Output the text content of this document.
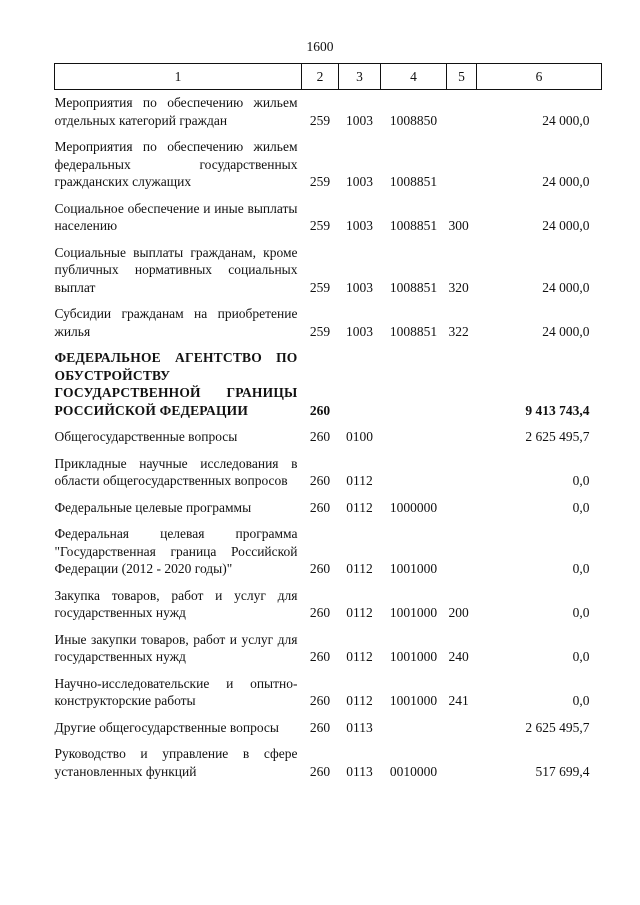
1600
1	2	3	4	5	6
Мероприятия по обеспечению жильем отдельных категорий граждан	259	1003	1008850		24 000,0
Мероприятия по обеспечению жильем федеральных государственных гражданских служащих	259	1003	1008851		24 000,0
Социальное обеспечение и иные выплаты населению	259	1003	1008851	300	24 000,0
Социальные выплаты гражданам, кроме публичных нормативных социальных выплат	259	1003	1008851	320	24 000,0
Субсидии гражданам на приобретение жилья	259	1003	1008851	322	24 000,0
ФЕДЕРАЛЬНОЕ АГЕНТСТВО ПО ОБУСТРОЙСТВУ ГОСУДАРСТВЕННОЙ ГРАНИЦЫ РОССИЙСКОЙ ФЕДЕРАЦИИ	260				9 413 743,4
Общегосударственные вопросы	260	0100			2 625 495,7
Прикладные научные исследования в области общегосударственных вопросов	260	0112			0,0
Федеральные целевые программы	260	0112	1000000		0,0
Федеральная целевая программа "Государственная граница Российской Федерации (2012 - 2020 годы)"	260	0112	1001000		0,0
Закупка товаров, работ и услуг для государственных нужд	260	0112	1001000	200	0,0
Иные закупки товаров, работ и услуг для государственных нужд	260	0112	1001000	240	0,0
Научно-исследовательские и опытно-конструкторские работы	260	0112	1001000	241	0,0
Другие общегосударственные вопросы	260	0113			2 625 495,7
Руководство и управление в сфере установленных функций	260	0113	0010000		517 699,4
